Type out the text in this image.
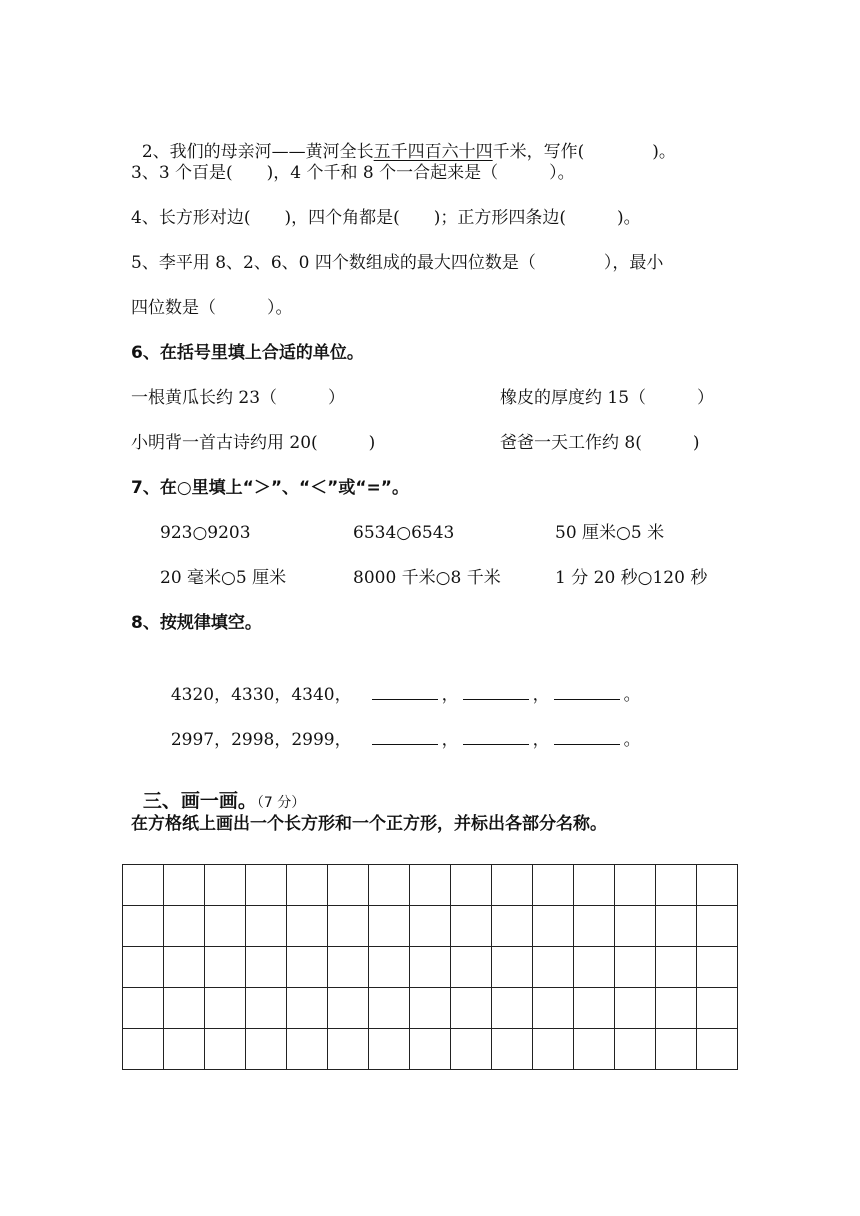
2、我们的母亲河——黄河全长五千四百六十四千米，写作(　　　　)。

3、3 个百是(　　)，4 个千和 8 个一合起来是（　　　）。
4、长方形对边(　　)，四个角都是(　　)；正方形四条边(　　　)。
5、李平用 8、2、6、0 四个数组成的最大四位数是（　　　　），最小
四位数是（　　　）。
6、在括号里填上合适的单位。
一根黄瓜长约 23（　　　）	橡皮的厚度约 15（　　　）
小明背一首古诗约用 20(　　　)	爸爸一天工作约 8(　　　)
7、在○里填上“＞”、“＜”或“=”。
923○9203	6534○6543	50 厘米○5 米
20 毫米○5 厘米	8000 千米○8 千米	1 分 20 秒○120 秒
8、按规律填空。

4320，4330，4340，	，	，	。

2997，2998，2999，	，	，	。

三、画一画。（7 分）

在方格纸上画出一个长方形和一个正方形，并标出各部分名称。
